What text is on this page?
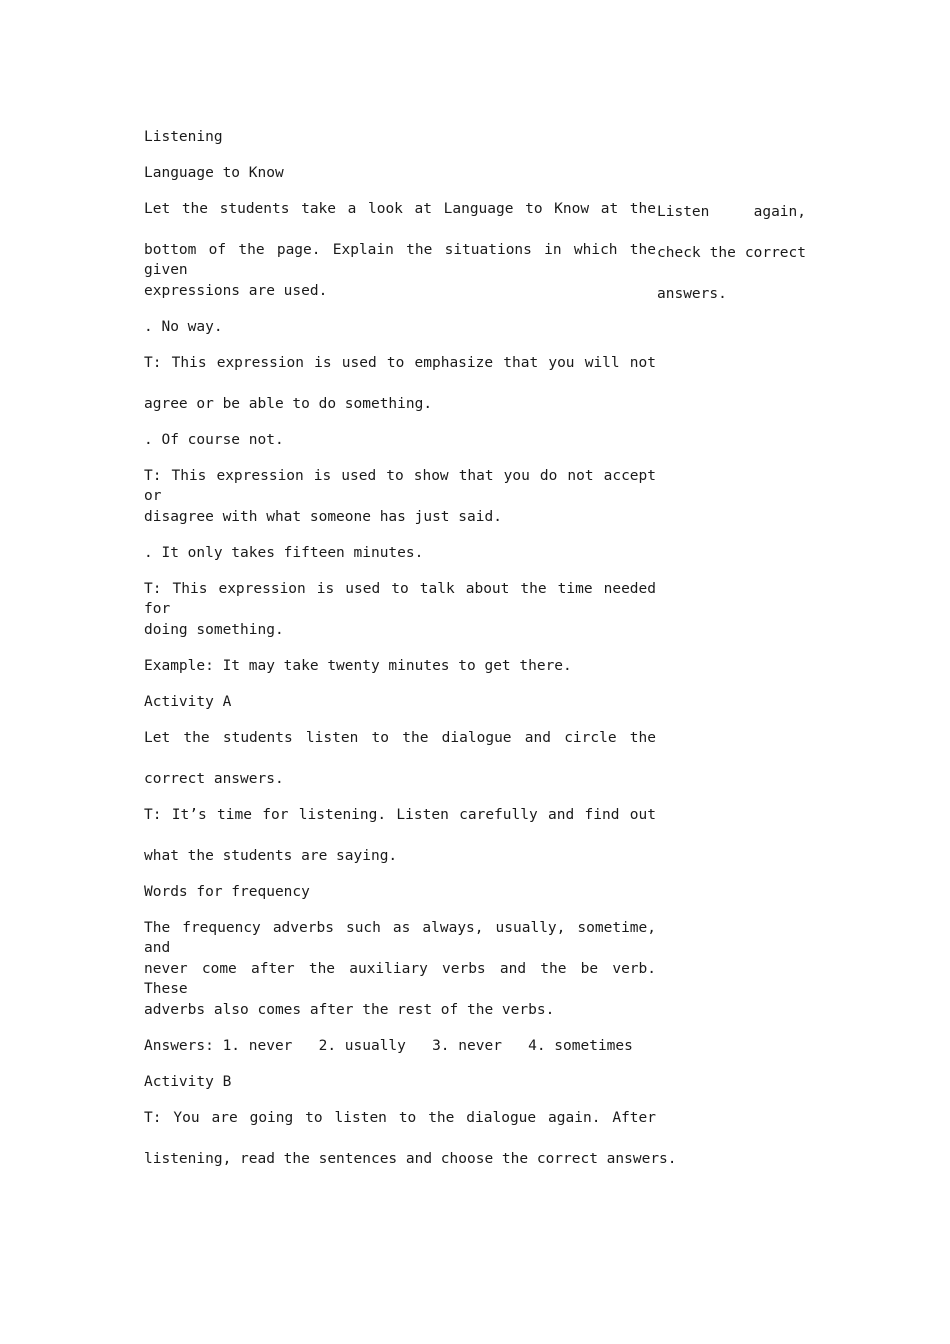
Listening
Language to Know
Let the students take a look at Language to Know at the
bottom of the page. Explain the situations in which the given
expressions are used.
. No way.
T: This expression is used to emphasize that you will not
agree or be able to do something.
. Of course not.
T: This expression is used to show that you do not accept or
disagree with what someone has just said.
. It only takes fifteen minutes.
T: This expression is used to talk about the time needed for
doing something.
Example: It may take twenty minutes to get there.
Activity A
Let the students listen to the dialogue and circle the
correct answers.
T: It’s time for listening. Listen carefully and find out
what the students are saying.
Words for frequency
The frequency adverbs such as always, usually, sometime, and
never come after the auxiliary verbs and the be verb. These
adverbs also comes after the rest of the verbs.
Answers: 1. never   2. usually   3. never   4. sometimes
Activity B
T: You are going to listen to the dialogue again. After
listening, read the sentences and choose the correct answers.
Listen again,
check the correct
answers.
